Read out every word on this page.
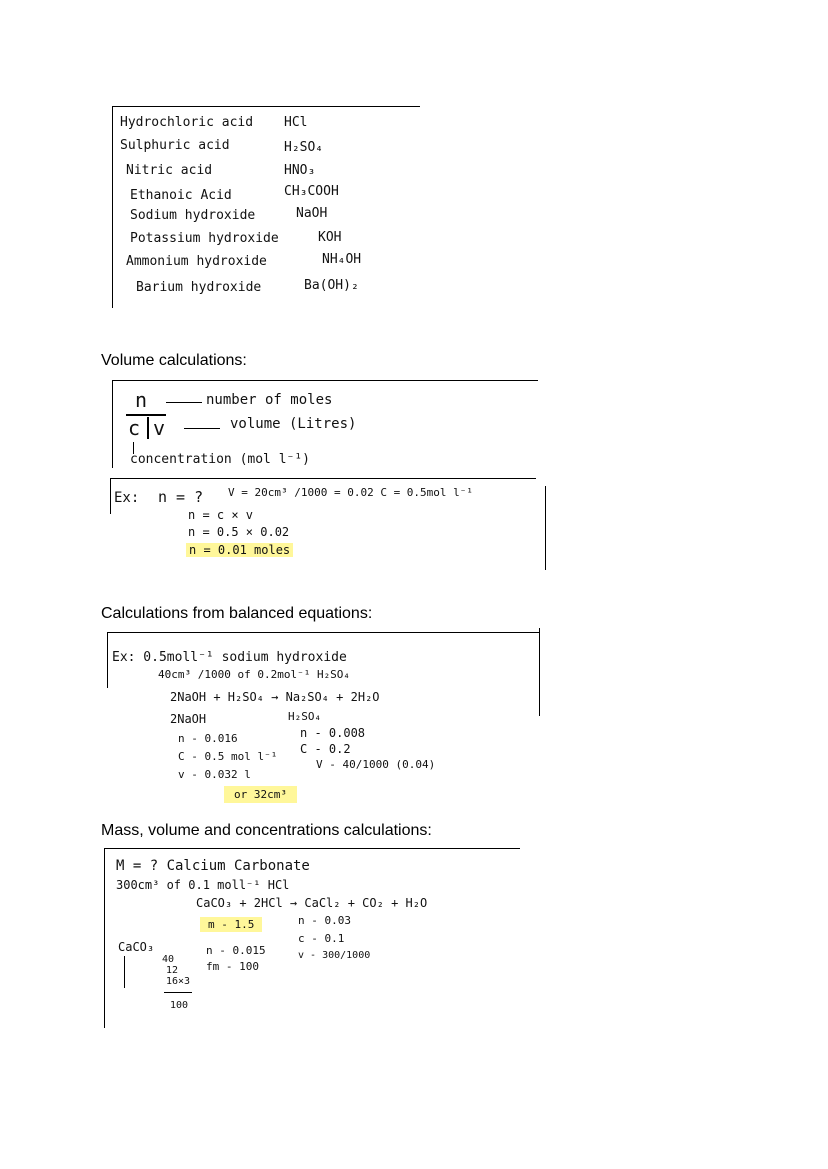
Hydrochloric acid HCl
Sulphuric acid	H₂SO₄
Nitric acid	HNO₃
Ethanoic Acid	CH₃COOH
Sodium hydroxide	NaOH
Potassium hydroxide	KOH
Ammonium hydroxide	NH₄OH
Barium hydroxide	Ba(OH)₂
Volume calculations:
n
c v
number of moles
volume (Litres)
concentration (mol l⁻¹)
Ex: n = ? V = 20cm³ /1000 = 0.02 C = 0.5mol l⁻¹
n = c × v
n = 0.5 × 0.02
n = 0.01 moles
Calculations from balanced equations:
Ex: 0.5moll⁻¹ sodium hydroxide
40cm³ /1000 of 0.2mol⁻¹ H₂SO₄
2NaOH + H₂SO₄ → Na₂SO₄ + 2H₂O
2NaOH
n - 0.016
C - 0.5 mol l⁻¹
v - 0.032 l
H₂SO₄
n - 0.008
C - 0.2
V - 40/1000 (0.04)
or 32cm³
Mass, volume and concentrations calculations:
M = ? Calcium Carbonate
300cm³ of 0.1 moll⁻¹ HCl
CaCO₃ + 2HCl → CaCl₂ + CO₂ + H₂O
m - 1.5	n - 0.03
c - 0.1
v - 300/1000
CaCO₃	n - 0.015
fm - 100
40
12
16×3
100
